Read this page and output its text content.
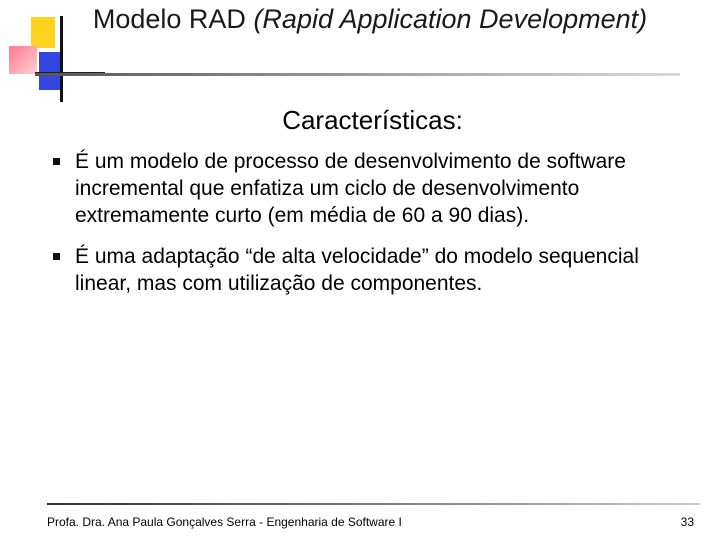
Modelo RAD (Rapid Application Development)
Características:
É um modelo de processo de desenvolvimento de software incremental que enfatiza um ciclo de desenvolvimento extremamente curto (em média de 60 a 90 dias).
É uma adaptação “de alta velocidade” do modelo sequencial linear, mas com utilização de componentes.
Profa. Dra. Ana Paula Gonçalves Serra - Engenharia de Software I	33
